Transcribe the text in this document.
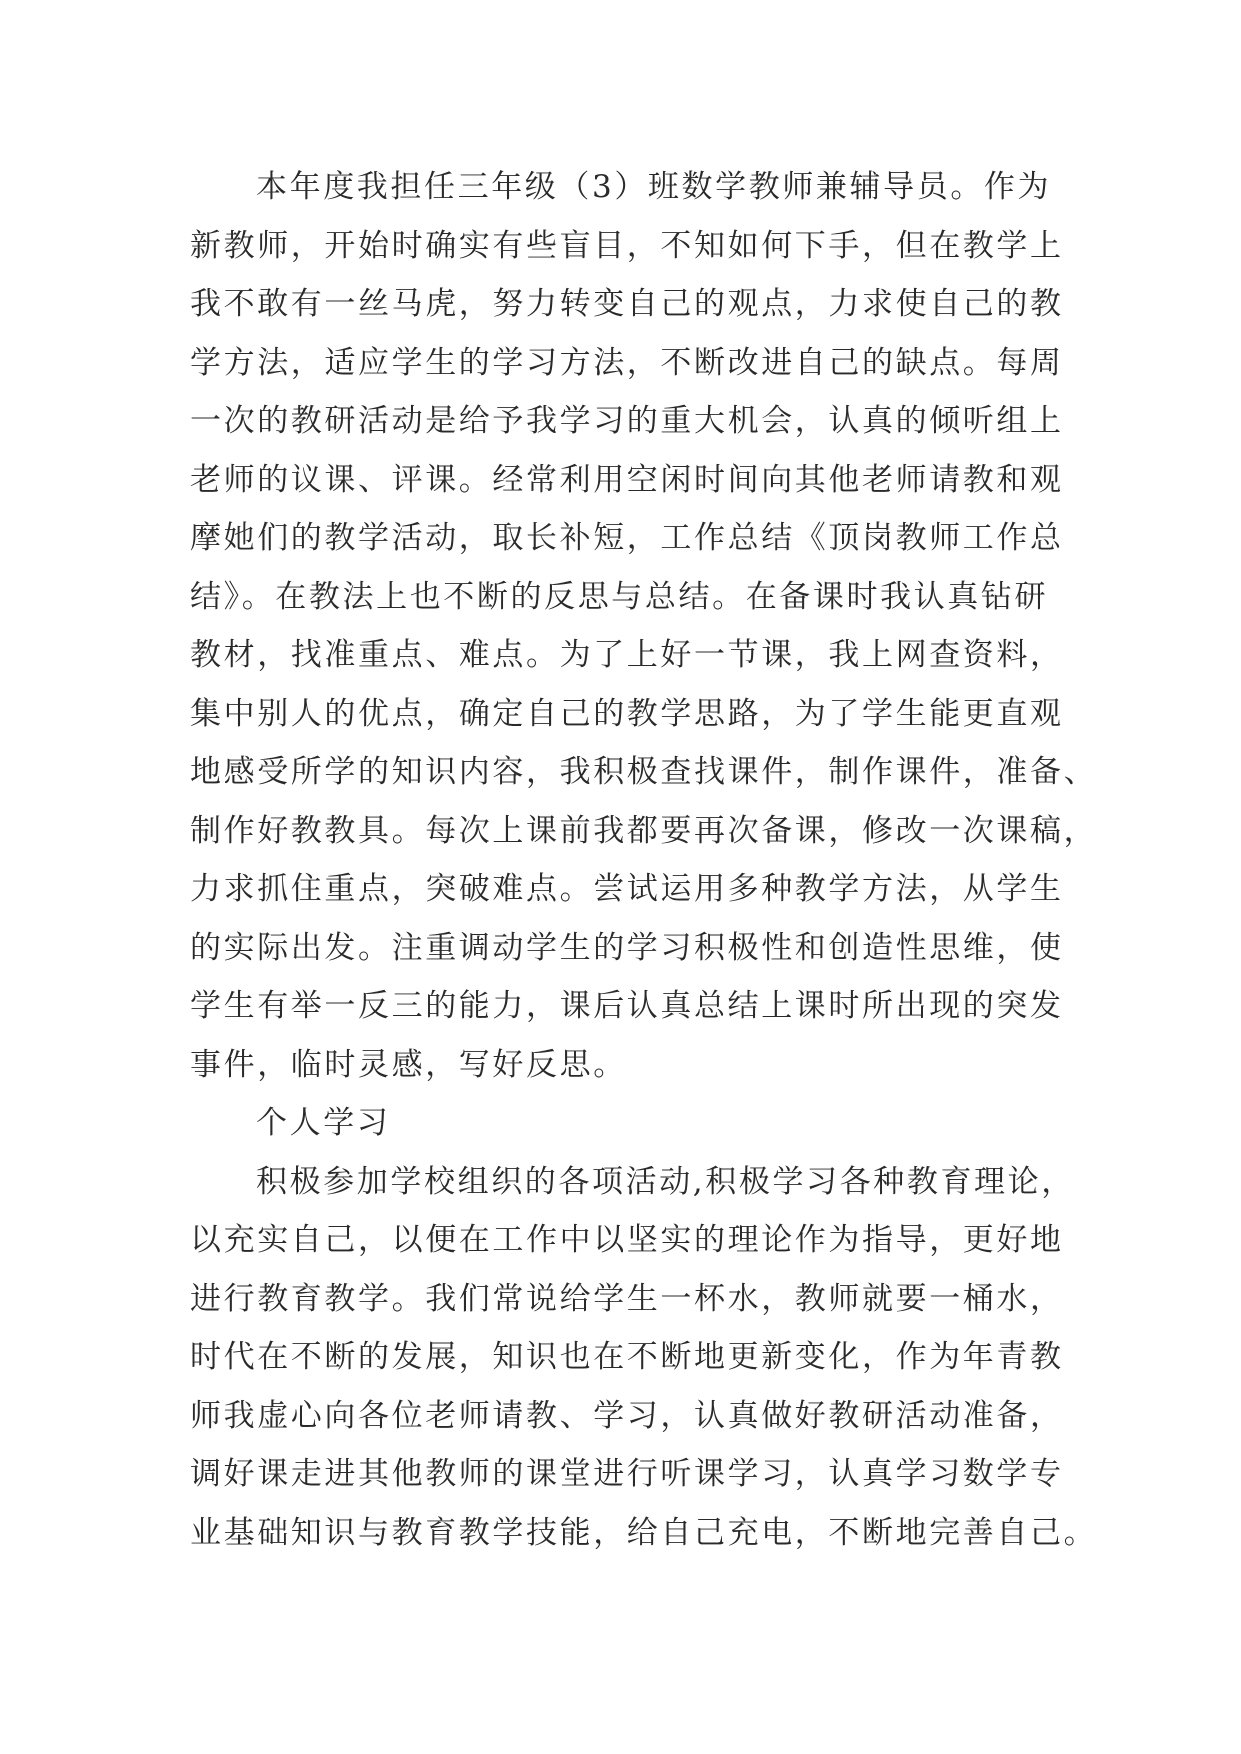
本年度我担任三年级（3）班数学教师兼辅导员。作为
新教师，开始时确实有些盲目，不知如何下手，但在教学上
我不敢有一丝马虎，努力转变自己的观点，力求使自己的教
学方法，适应学生的学习方法，不断改进自己的缺点。每周
一次的教研活动是给予我学习的重大机会，认真的倾听组上
老师的议课、评课。经常利用空闲时间向其他老师请教和观
摩她们的教学活动，取长补短，工作总结《顶岗教师工作总
结》。在教法上也不断的反思与总结。在备课时我认真钻研
教材，找准重点、难点。为了上好一节课，我上网查资料，
集中别人的优点，确定自己的教学思路，为了学生能更直观
地感受所学的知识内容，我积极查找课件，制作课件，准备、
制作好教教具。每次上课前我都要再次备课，修改一次课稿，
力求抓住重点，突破难点。尝试运用多种教学方法，从学生
的实际出发。注重调动学生的学习积极性和创造性思维，使
学生有举一反三的能力，课后认真总结上课时所出现的突发
事件，临时灵感，写好反思。
个人学习
积极参加学校组织的各项活动,积极学习各种教育理论，
以充实自己，以便在工作中以坚实的理论作为指导，更好地
进行教育教学。我们常说给学生一杯水，教师就要一桶水，
时代在不断的发展，知识也在不断地更新变化，作为年青教
师我虚心向各位老师请教、学习，认真做好教研活动准备，
调好课走进其他教师的课堂进行听课学习，认真学习数学专
业基础知识与教育教学技能，给自己充电，不断地完善自己。
